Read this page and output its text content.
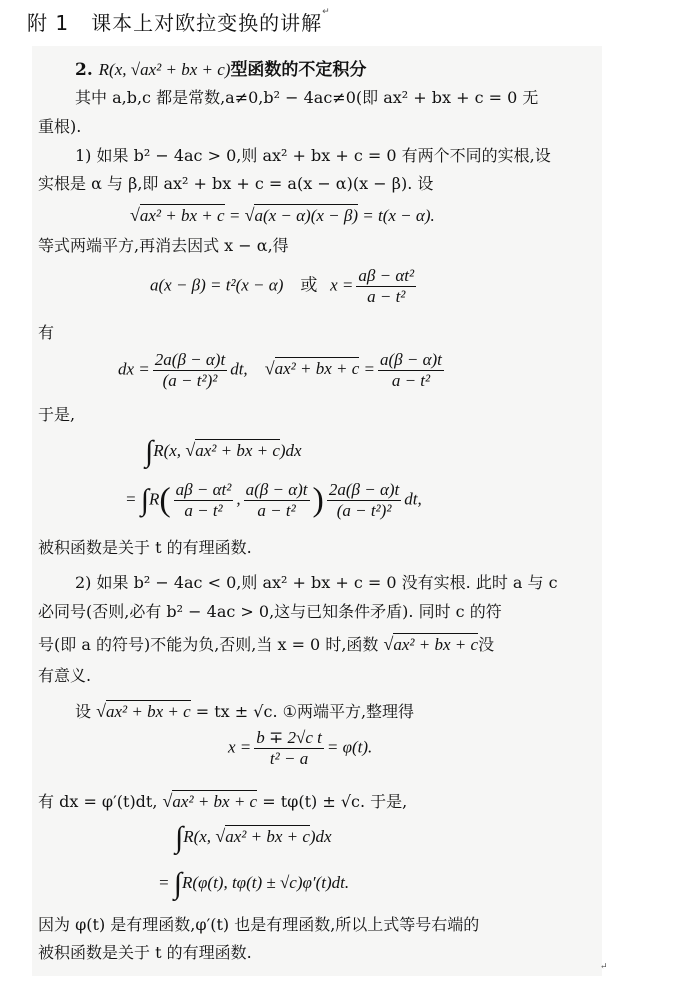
附 1 课本上对欧拉变换的讲解 ↵
2. R(x, √ax² + bx + c)型函数的不定积分
其中 a,b,c 都是常数,a≠0,b² − 4ac≠0(即 ax² + bx + c = 0 无
重根).
1) 如果 b² − 4ac > 0,则 ax² + bx + c = 0 有两个不同的实根,设
实根是 α 与 β,即 ax² + bx + c = a(x − α)(x − β). 设
√ax² + bx + c = √a(x − α)(x − β) = t(x − α).
等式两端平方,再消去因式 x − α,得
a(x − β) = t²(x − α) 或 $x = \frac{\text{aβ − αt²}}{\text{a − t²}}$
有
dx = $\frac{2a(\beta - \alpha)t}{\text{(a − t²)²}}$ dt, √ax² + bx + $c = \frac{a(\beta - \alpha)t}{\text{a − t²}}$
于是,
∫R(x, √ax² + bx + c)dx
= $\int R( \frac{\text{aβ − αt²}}{\text{a − t²}}$ , $\frac{a(\beta - \alpha)t}{\text{a − t²}}$ ) $\frac{2a(\beta - \alpha)t}{\text{(a − t²)²}}$ dt,
被积函数是关于 t 的有理函数.
2) 如果 b² − 4ac < 0,则 ax² + bx + c = 0 没有实根. 此时 a 与 c
必同号(否则,必有 b² − 4ac > 0,这与已知条件矛盾). 同时 c 的符
号(即 a 的符号)不能为负,否则,当 x = 0 时,函数 √ax² + bx + c没
有意义.
设 √ax² + bx + c = tx ± √c. ①两端平方,整理得
$x = \frac{\text{b ∓ 2√c t}}{\text{t² − a}} = \varphi(t)$.
有 dx = φ′(t)dt, √ax² + bx + c = tφ(t) ± √c. 于是,
∫R(x, √ax² + bx + c)dx
= ∫R(φ(t), tφ(t) ± √c)φ′(t)dt.
因为 φ(t) 是有理函数,φ′(t) 也是有理函数,所以上式等号右端的
被积函数是关于 t 的有理函数.
↵
